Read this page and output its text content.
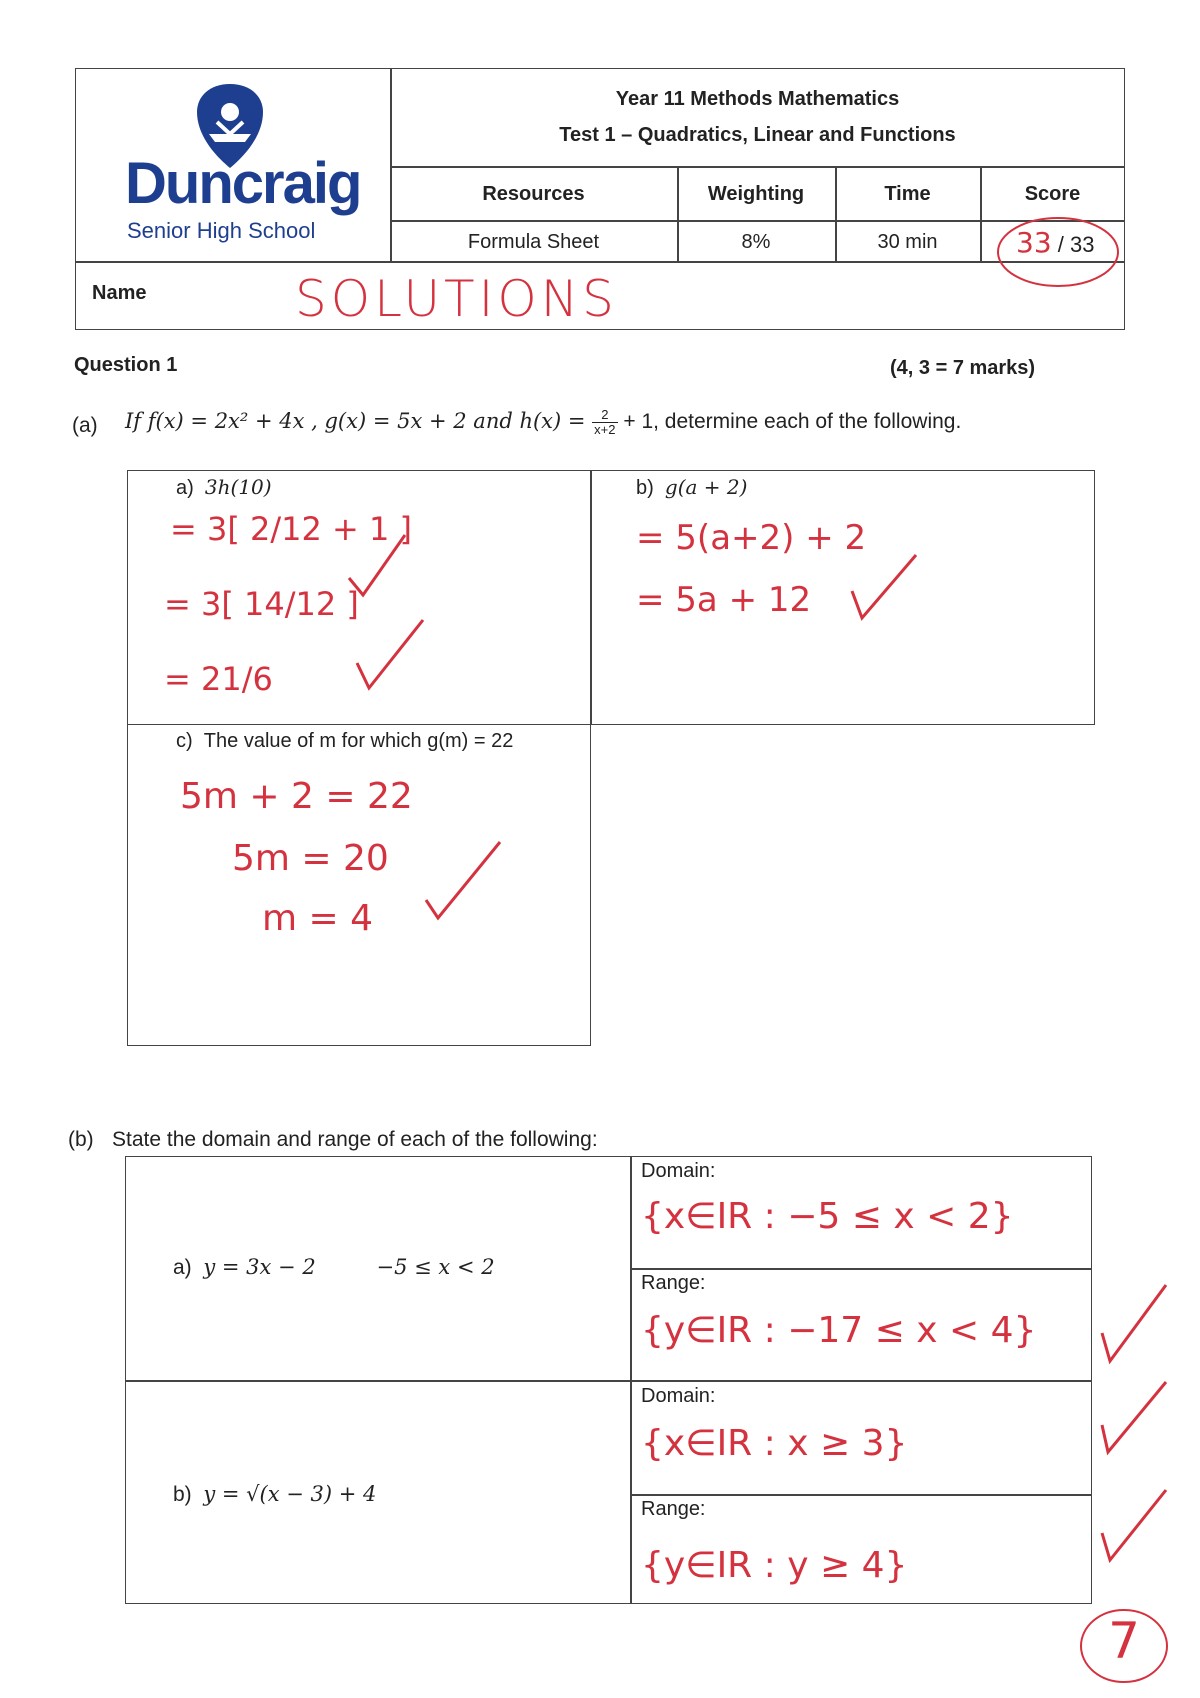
Duncraig
Senior High School
Year 11 Methods Mathematics
Test 1 – Quadratics, Linear and Functions
Resources	Weighting	Time	Score
Formula Sheet	8%	30 min	33 / 33
Name	SOLUTIONS
Question 1	(4, 3 = 7 marks)
(a) If f(x) = 2x² + 4x , g(x) = 5x + 2 and $h(x) = \frac{2}{x+2} + 1$, determine each of the following.
a) 3h(10)
= 3[ 2/12 + 1 ]
= 3[ 14/12 ]
= 21/6
b) g(a + 2)
= 5(a+2) + 2
= 5a + 12
c) The value of m for which g(m) = 22
5m + 2 = 22
5m = 20
m = 4
(b) State the domain and range of each of the following:
a) y = 3x − 2	−5 ≤ x < 2
Domain:
{x∈IR : −5 ≤ x < 2}
Range:
{y∈IR : −17 ≤ x < 4}
b) y = √(x − 3) + 4
Domain:
{x∈IR : x ≥ 3}
Range:
{y∈IR : y ≥ 4}
7
